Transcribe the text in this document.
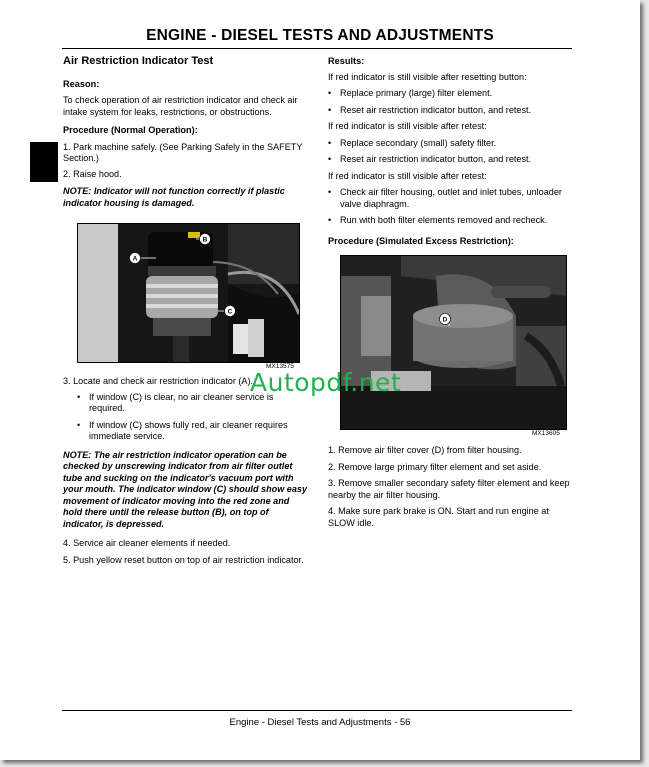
ENGINE - DIESEL TESTS AND ADJUSTMENTS

Air Restriction Indicator Test

Reason:

To check operation of air restriction indicator and check air intake system for leaks, restrictions, or obstructions.

Procedure (Normal Operation):

1. Park machine safely. (See Parking Safely in the SAFETY Section.)

2. Raise hood.

NOTE: Indicator will not function correctly if plastic indicator housing is damaged.

A
B
C
MX13575

3. Locate and check air restriction indicator (A).

• If window (C) is clear, no air cleaner service is required.

• If window (C) shows fully red, air cleaner requires immediate service.

NOTE: The air restriction indicator operation can be checked by unscrewing indicator from air filter outlet tube and sucking on the indicator's vacuum port with your mouth. The indicator window (C) should show easy movement of indicator moving into the red zone and hold there until the release button (B), on top of indicator, is depressed.

4. Service air cleaner elements if needed.

5. Push yellow reset button on top of air restriction indicator.

Results:

If red indicator is still visible after resetting button:

• Replace primary (large) filter element.

• Reset air restriction indicator button, and retest.

If red indicator is still visible after retest:

• Replace secondary (small) safety filter.

• Reset air restriction indicator button, and retest.

If red indicator is still visible after retest:

• Check air filter housing, outlet and inlet tubes, unloader valve diaphragm.

• Run with both filter elements removed and recheck.

Procedure (Simulated Excess Restriction):

D
MX13605

1. Remove air filter cover (D) from filter housing.

2. Remove large primary filter element and set aside.

3. Remove smaller secondary safety filter element and keep nearby the air filter housing.

4. Make sure park brake is ON. Start and run engine at SLOW idle.

Autopdf.net
Engine - Diesel Tests and Adjustments - 56
